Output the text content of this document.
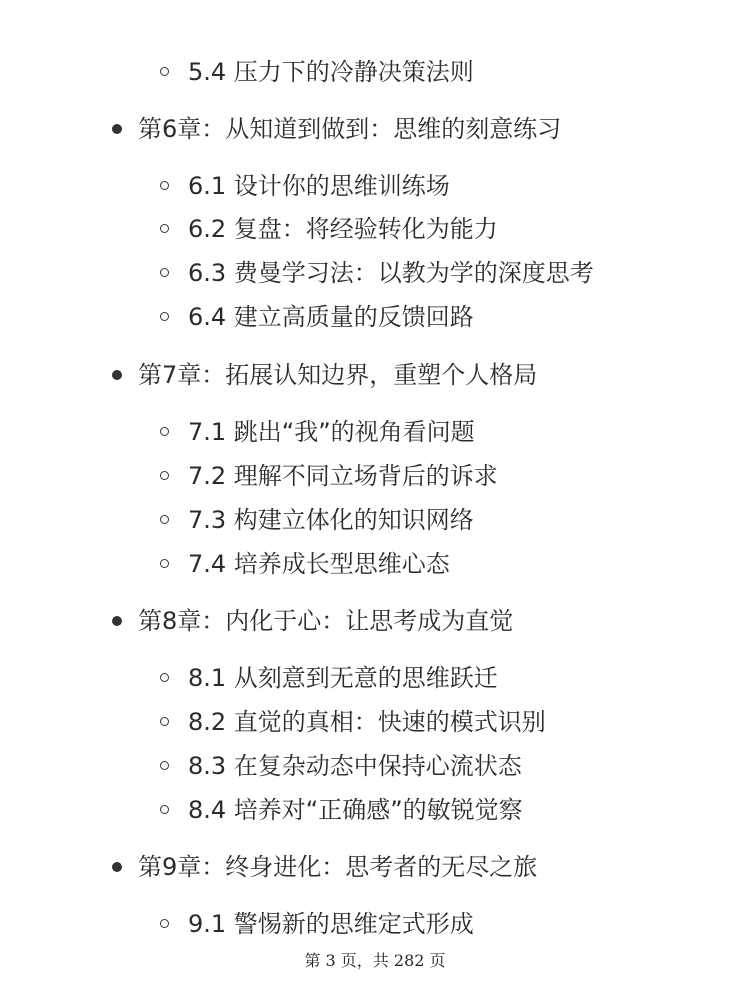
5.4 压力下的冷静决策法则
第6章：从知道到做到：思维的刻意练习
6.1 设计你的思维训练场
6.2 复盘：将经验转化为能力
6.3 费曼学习法：以教为学的深度思考
6.4 建立高质量的反馈回路
第7章：拓展认知边界，重塑个人格局
7.1 跳出“我”的视角看问题
7.2 理解不同立场背后的诉求
7.3 构建立体化的知识网络
7.4 培养成长型思维心态
第8章：内化于心：让思考成为直觉
8.1 从刻意到无意的思维跃迁
8.2 直觉的真相：快速的模式识别
8.3 在复杂动态中保持心流状态
8.4 培养对“正确感”的敏锐觉察
第9章：终身进化：思考者的无尽之旅
9.1 警惕新的思维定式形成
第 3 页，共 282 页
